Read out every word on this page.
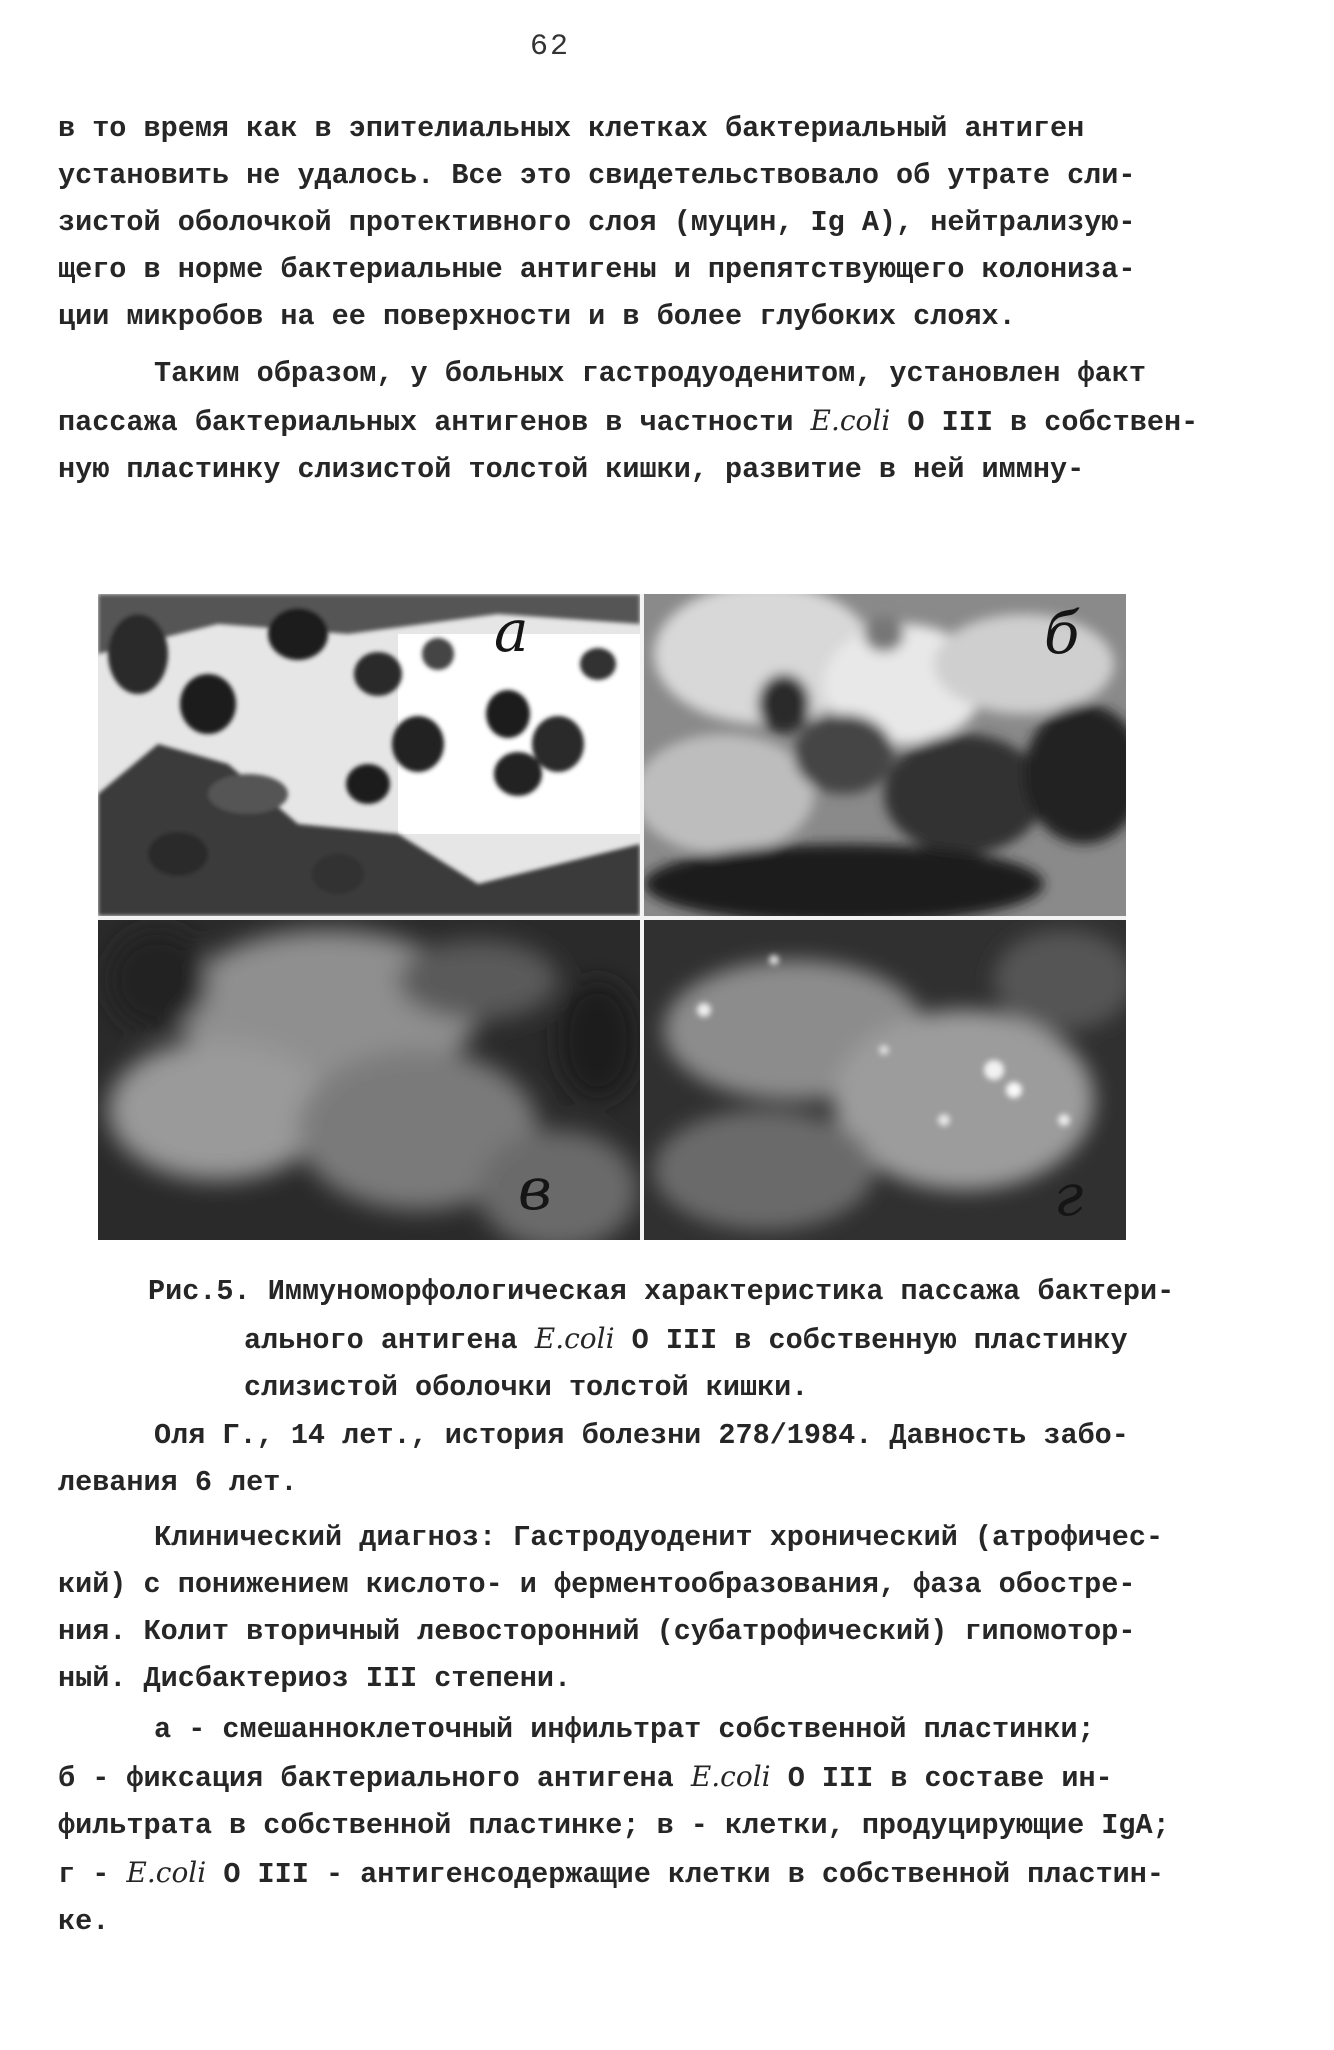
62

в то время как в эпителиальных клетках бактериальный антиген

установить не удалось. Все это свидетельствовало об утрате сли-

зистой оболочкой протективного слоя (муцин, Ig A), нейтрализую-

щего в норме бактериальные антигены и препятствующего колониза-

ции микробов на ее поверхности и в более глубоких слоях.

Таким образом, у больных гастродуоденитом, установлен факт

пассажа бактериальных антигенов в частности E.coli O III в собствен-

ную пластинку слизистой толстой кишки, развитие в ней иммну-

а	б
в	г

Рис.5. Иммуноморфологическая характеристика пассажа бактери-

ального антигена E.coli O III в собственную пластинку

слизистой оболочки толстой кишки.

Оля Г., 14 лет., история болезни 278/1984. Давность забо-

левания 6 лет.

Клинический диагноз: Гастродуоденит хронический (атрофичес-

кий) с понижением кислото- и ферментообразования, фаза обостре-

ния. Колит вторичный левосторонний (субатрофический) гипомотор-

ный. Дисбактериоз III степени.

а - смешанноклеточный инфильтрат собственной пластинки;

б - фиксация бактериального антигена E.coli O III в составе ин-

фильтрата в собственной пластинке; в - клетки, продуцирующие IgA;

г - E.coli O III - антигенсодержащие клетки в собственной пластин-

ке.
